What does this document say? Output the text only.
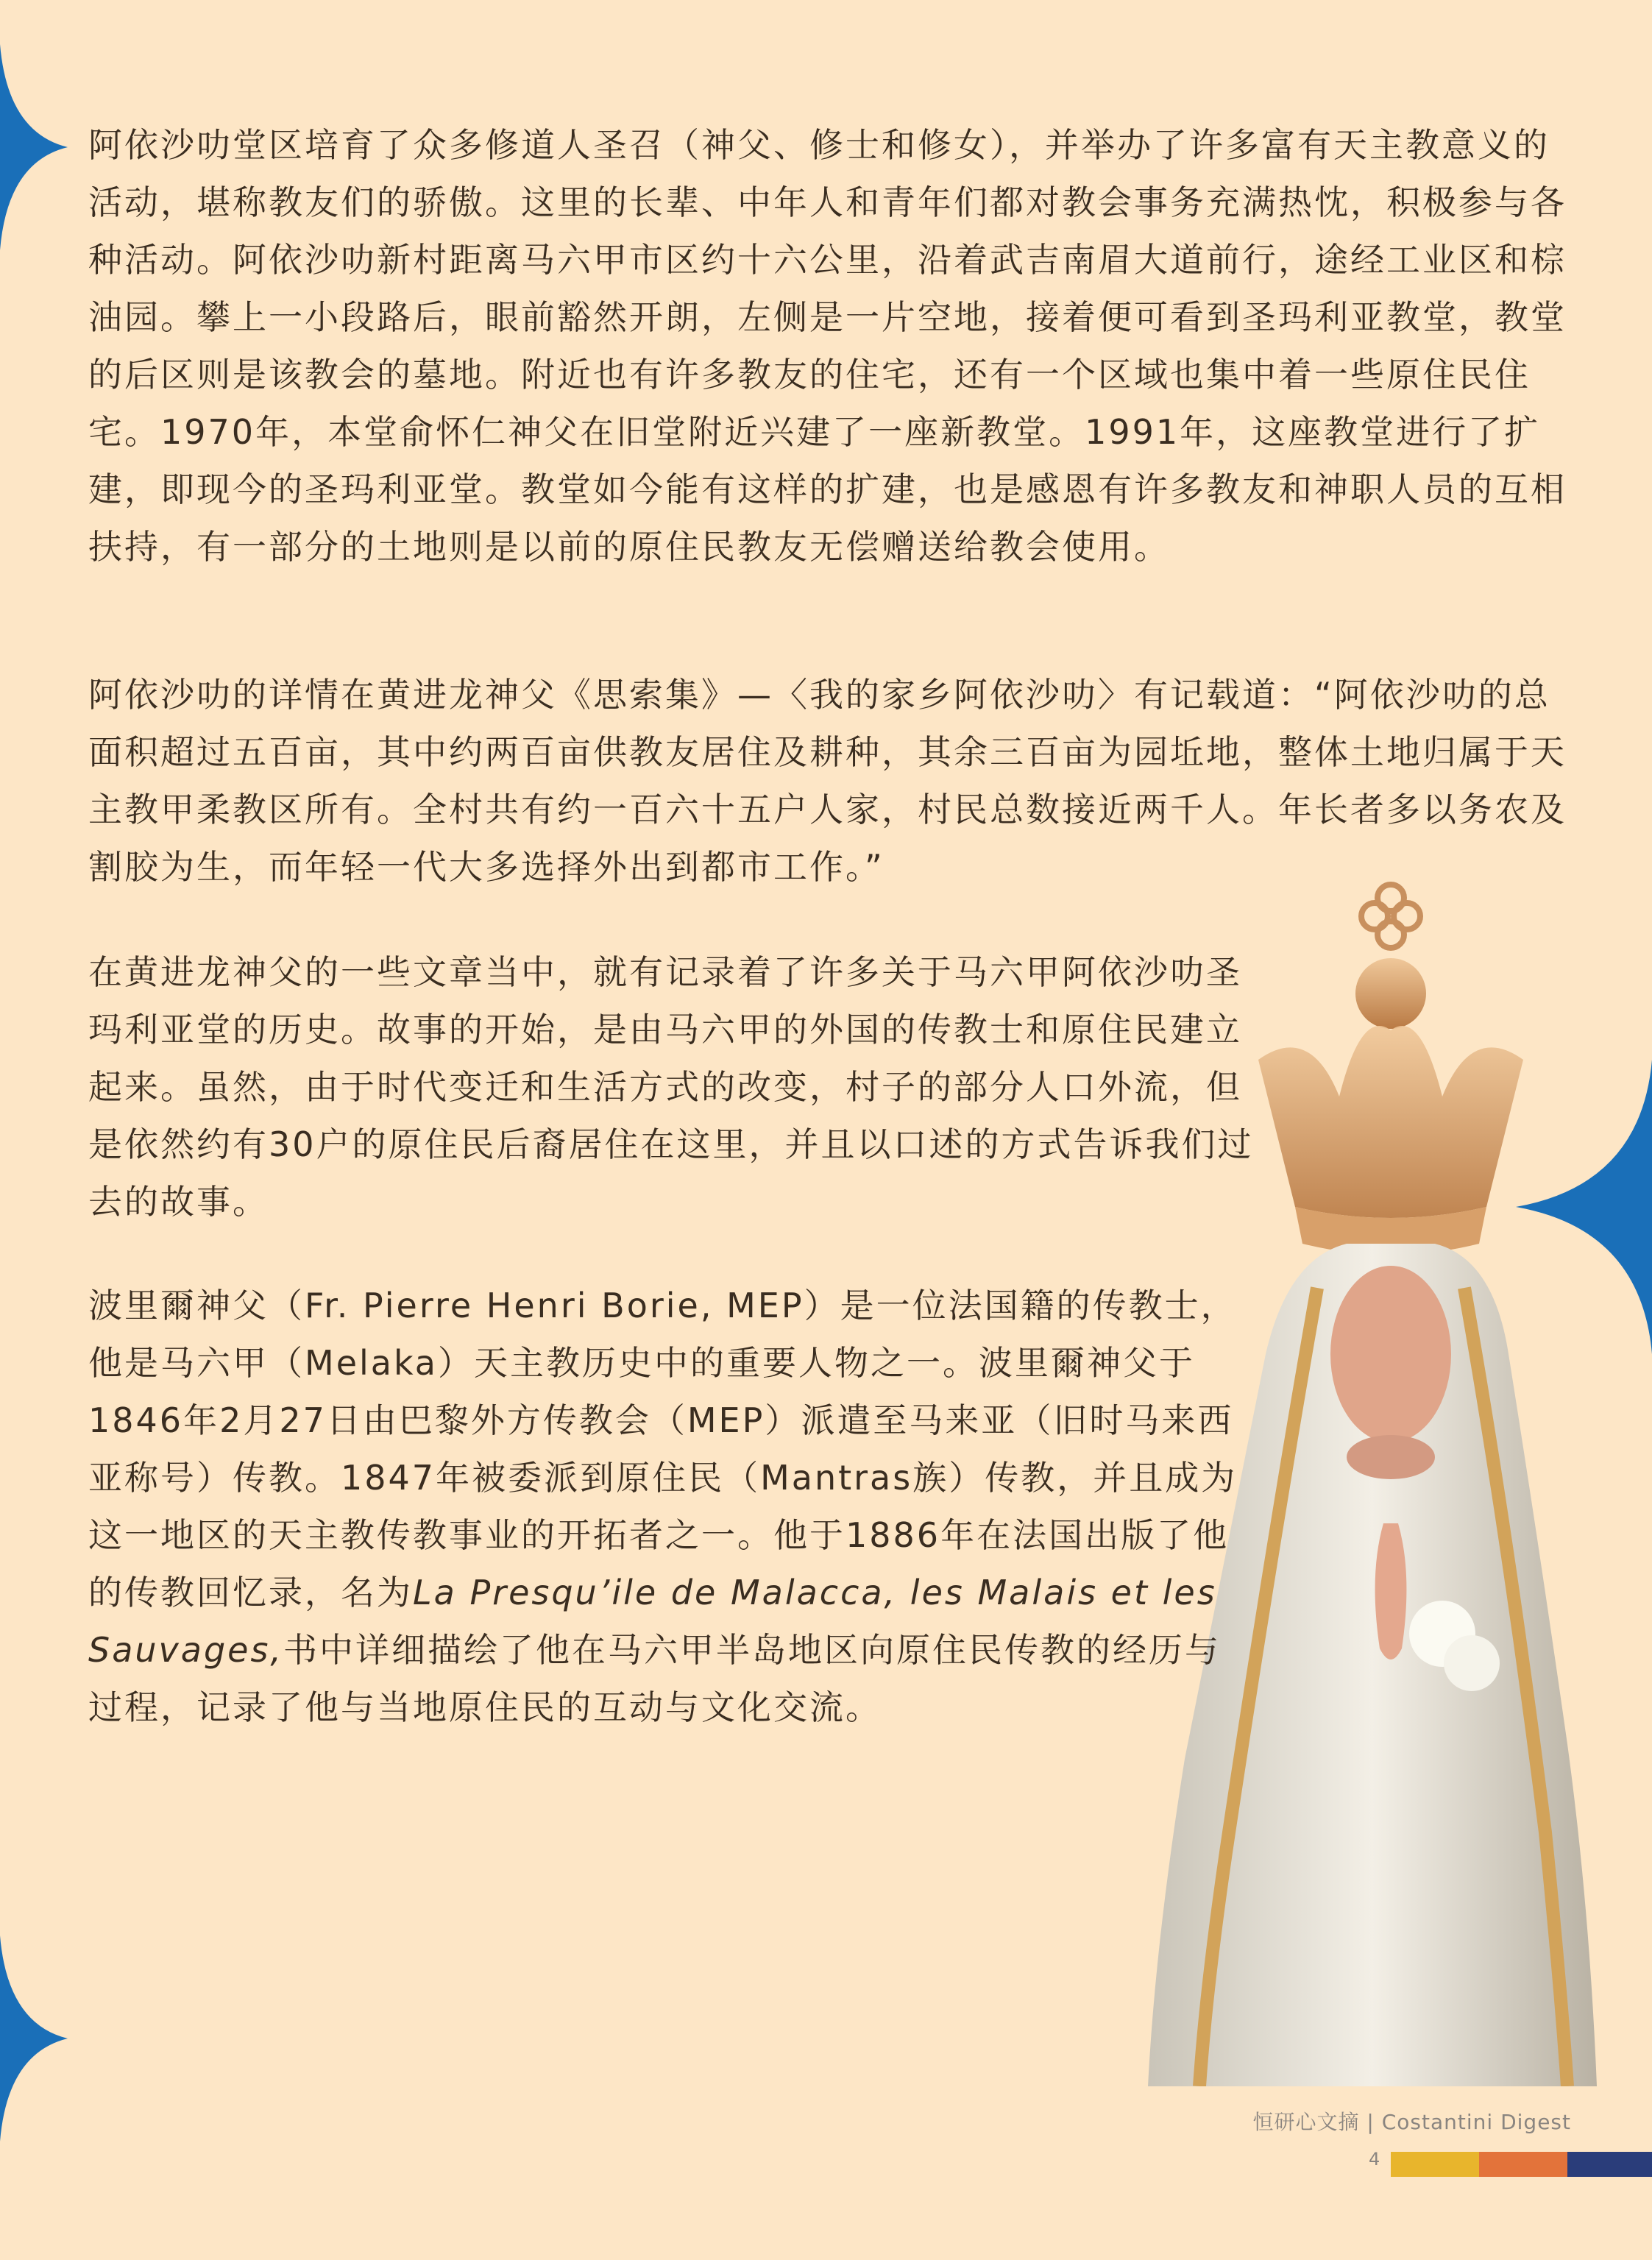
阿依沙叻堂区培育了众多修道人圣召（神父、修士和修女），并举办了许多富有天主教意义的活动，堪称教友们的骄傲。这里的长辈、中年人和青年们都对教会事务充满热忱，积极参与各种活动。阿依沙叻新村距离马六甲市区约十六公里，沿着武吉南眉大道前行，途经工业区和棕油园。攀上一小段路后，眼前豁然开朗，左侧是一片空地，接着便可看到圣玛利亚教堂，教堂的后区则是该教会的墓地。附近也有许多教友的住宅，还有一个区域也集中着一些原住民住宅。1970年，本堂俞怀仁神父在旧堂附近兴建了一座新教堂。1991年，这座教堂进行了扩建，即现今的圣玛利亚堂。教堂如今能有这样的扩建，也是感恩有许多教友和神职人员的互相扶持，有一部分的土地则是以前的原住民教友无偿赠送给教会使用。

阿依沙叻的详情在黄进龙神父《思索集》—〈我的家乡阿依沙叻〉有记载道：“阿依沙叻的总面积超过五百亩，其中约两百亩供教友居住及耕种，其余三百亩为园坵地，整体土地归属于天主教甲柔教区所有。全村共有约一百六十五户人家，村民总数接近两千人。年长者多以务农及割胶为生，而年轻一代大多选择外出到都市工作。”

在黄进龙神父的一些文章当中，就有记录着了许多关于马六甲阿依沙叻圣玛利亚堂的历史。故事的开始，是由马六甲的外国的传教士和原住民建立起来。虽然，由于时代变迁和生活方式的改变，村子的部分人口外流，但是依然约有30户的原住民后裔居住在这里，并且以口述的方式告诉我们过去的故事。

波里爾神父（Fr. Pierre Henri Borie, MEP）是一位法国籍的传教士，他是马六甲（Melaka）天主教历史中的重要人物之一。波里爾神父于1846年2月27日由巴黎外方传教会（MEP）派遣至马来亚（旧时马来西亚称号）传教。1847年被委派到原住民（Mantras族）传教，并且成为这一地区的天主教传教事业的开拓者之一。他于1886年在法国出版了他的传教回忆录，名为La Presqu’ile de Malacca, les Malais et les Sauvages,书中详细描绘了他在马六甲半岛地区向原住民传教的经历与过程，记录了他与当地原住民的互动与文化交流。

恒研心文摘 | Costantini Digest
4
